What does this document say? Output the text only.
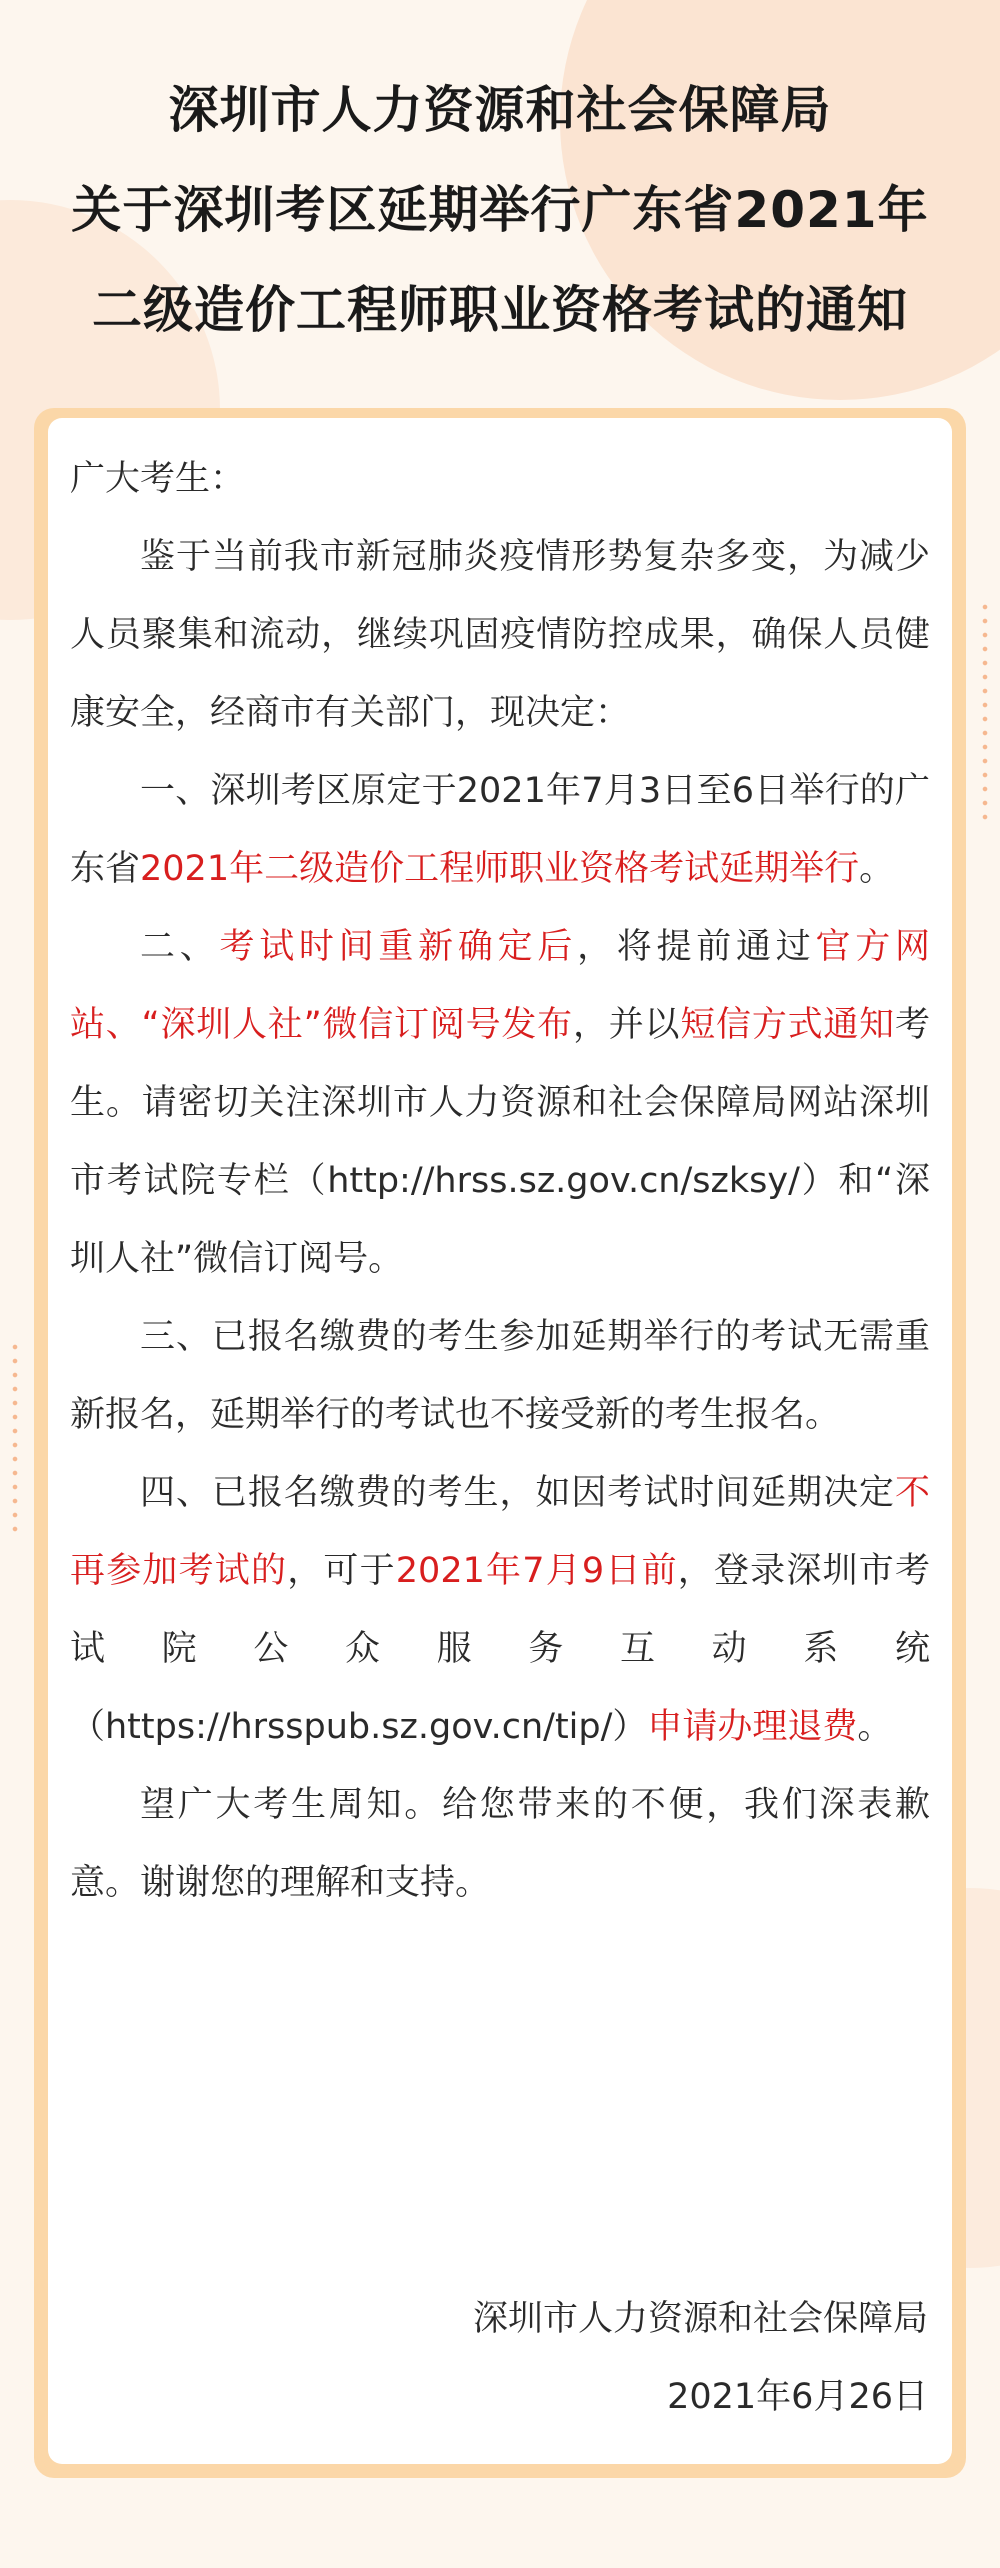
深圳市人力资源和社会保障局
关于深圳考区延期举行广东省2021年
二级造价工程师职业资格考试的通知

广大考生：

鉴于当前我市新冠肺炎疫情形势复杂多变，为减少人员聚集和流动，继续巩固疫情防控成果，确保人员健康安全，经商市有关部门，现决定：

一、深圳考区原定于2021年7月3日至6日举行的广东省2021年二级造价工程师职业资格考试延期举行。

二、考试时间重新确定后，将提前通过官方网站、“深圳人社”微信订阅号发布，并以短信方式通知考生。请密切关注深圳市人力资源和社会保障局网站深圳市考试院专栏（http://hrss.sz.gov.cn/szksy/）和“深圳人社”微信订阅号。

三、已报名缴费的考生参加延期举行的考试无需重新报名，延期举行的考试也不接受新的考生报名。

四、已报名缴费的考生，如因考试时间延期决定不再参加考试的，可于2021年7月9日前，登录深圳市考试院公众服务互动系统（https://hrsspub.sz.gov.cn/tip/）申请办理退费。

望广大考生周知。给您带来的不便，我们深表歉意。谢谢您的理解和支持。

深圳市人力资源和社会保障局
2021年6月26日
